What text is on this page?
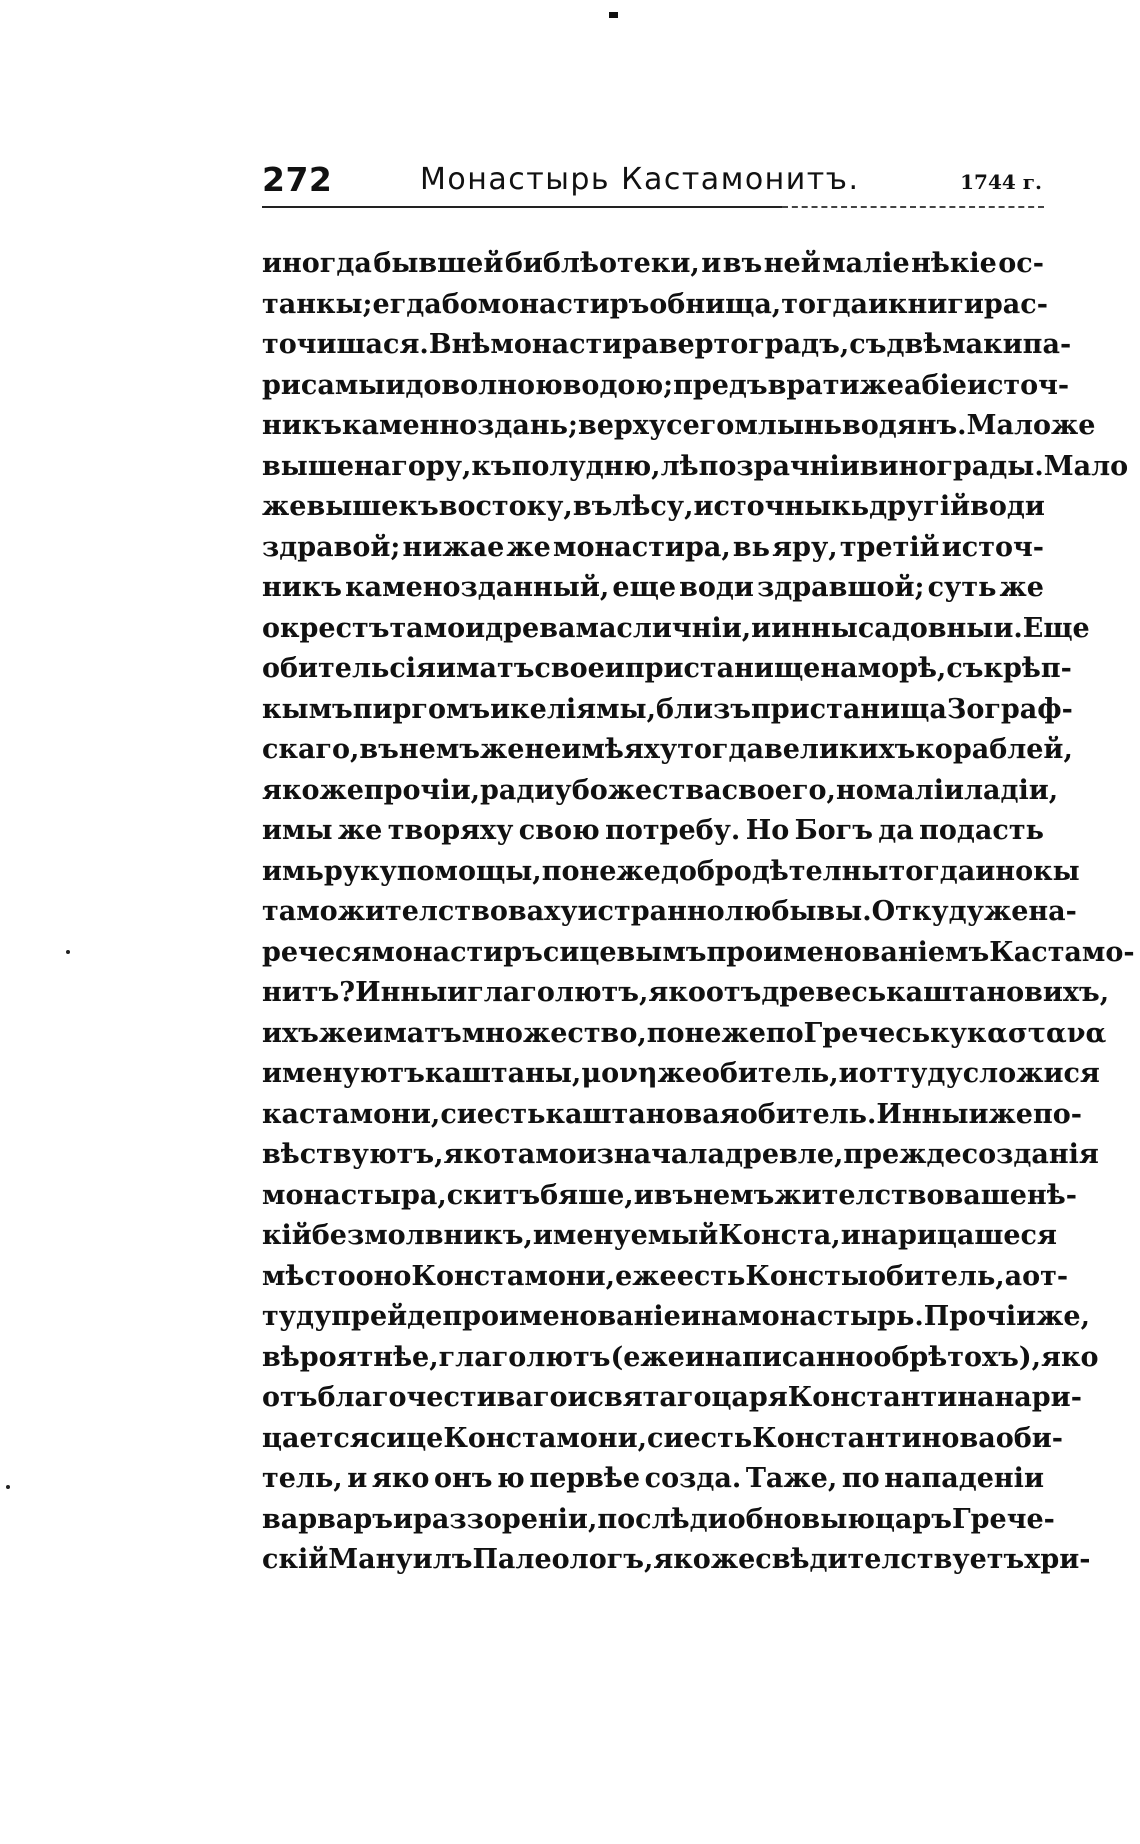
272	Монастырь Кастамонитъ.	1744 г.
иногда бывшей библѣотеки, и въ ней маліе нѣкіе ос-
танкы; егда бо монастиръ обнища, тогда и книги рас-
точишася. Внѣ монастира вертоградъ, съ двѣма кипа-
рисамы и доволною водою; предъ врати же абіе источ-
никъ каменноздань; верху сего млынь водянъ. Мало же
выше на гору, къ полудню, лѣпозрачніи винограды. Мало
же выше къ востоку, въ лѣсу, источныкь другій води
здравой; нижае же монастира, вь яру, третій источ-
никъ каменозданный, еще води здравшой; суть же
окрестъ тамо и древа масличніи, и инны садовныи. Еще
обитель сія иматъ свое и пристанище на морѣ, съ крѣп-
кымъ пиргомъ и келіямы, близъ пристанища Зограф-
скаго, въ немъ же не имѣяху тогда великихъ кораблей,
якоже прочіи, ради убожества своего, но маліи ладіи,
имы же творяху свою потребу. Но Богъ да подасть
имь руку помощы, понеже добродѣтелны тогда инокы
тамо жителствоваху и страннолюбывы. Откуду же на-
речеся монастиръ сицевымъ проименованіемъ Кастамо-
нитъ? Инныи глаголютъ, яко отъ древесь каштановихъ,
ихъ же иматъ множество, понеже по Гречеську καστανα
именуютъ каштаны, μονη же обитель, и оттуду сложися
кастамони, си есть каштановая обитель. Инныи же по-
вѣствуютъ, яко тамо изначала древле, прежде созданія
монастыра, скитъ бяше, и въ немъ жителствоваше нѣ-
кій безмолвникъ, именуемый Конста, и нарицашеся
мѣсто оно Констамони, еже есть Консты обитель, а от-
туду прейде проименованіе и на монастырь. Прочіи же,
вѣроятнѣе, глаголютъ (еже и написанно обрѣтохъ), яко
отъ благочестиваго и святаго царя Константина нари-
цается сице Констамони, си есть Константинова оби-
тель, и яко онъ ю первѣе созда. Таже, по нападеніи
варваръ и раззореніи, послѣди обновы ю царъ Грече-
скій Мануилъ Палеологъ, якоже свѣдителствуетъ хри-
